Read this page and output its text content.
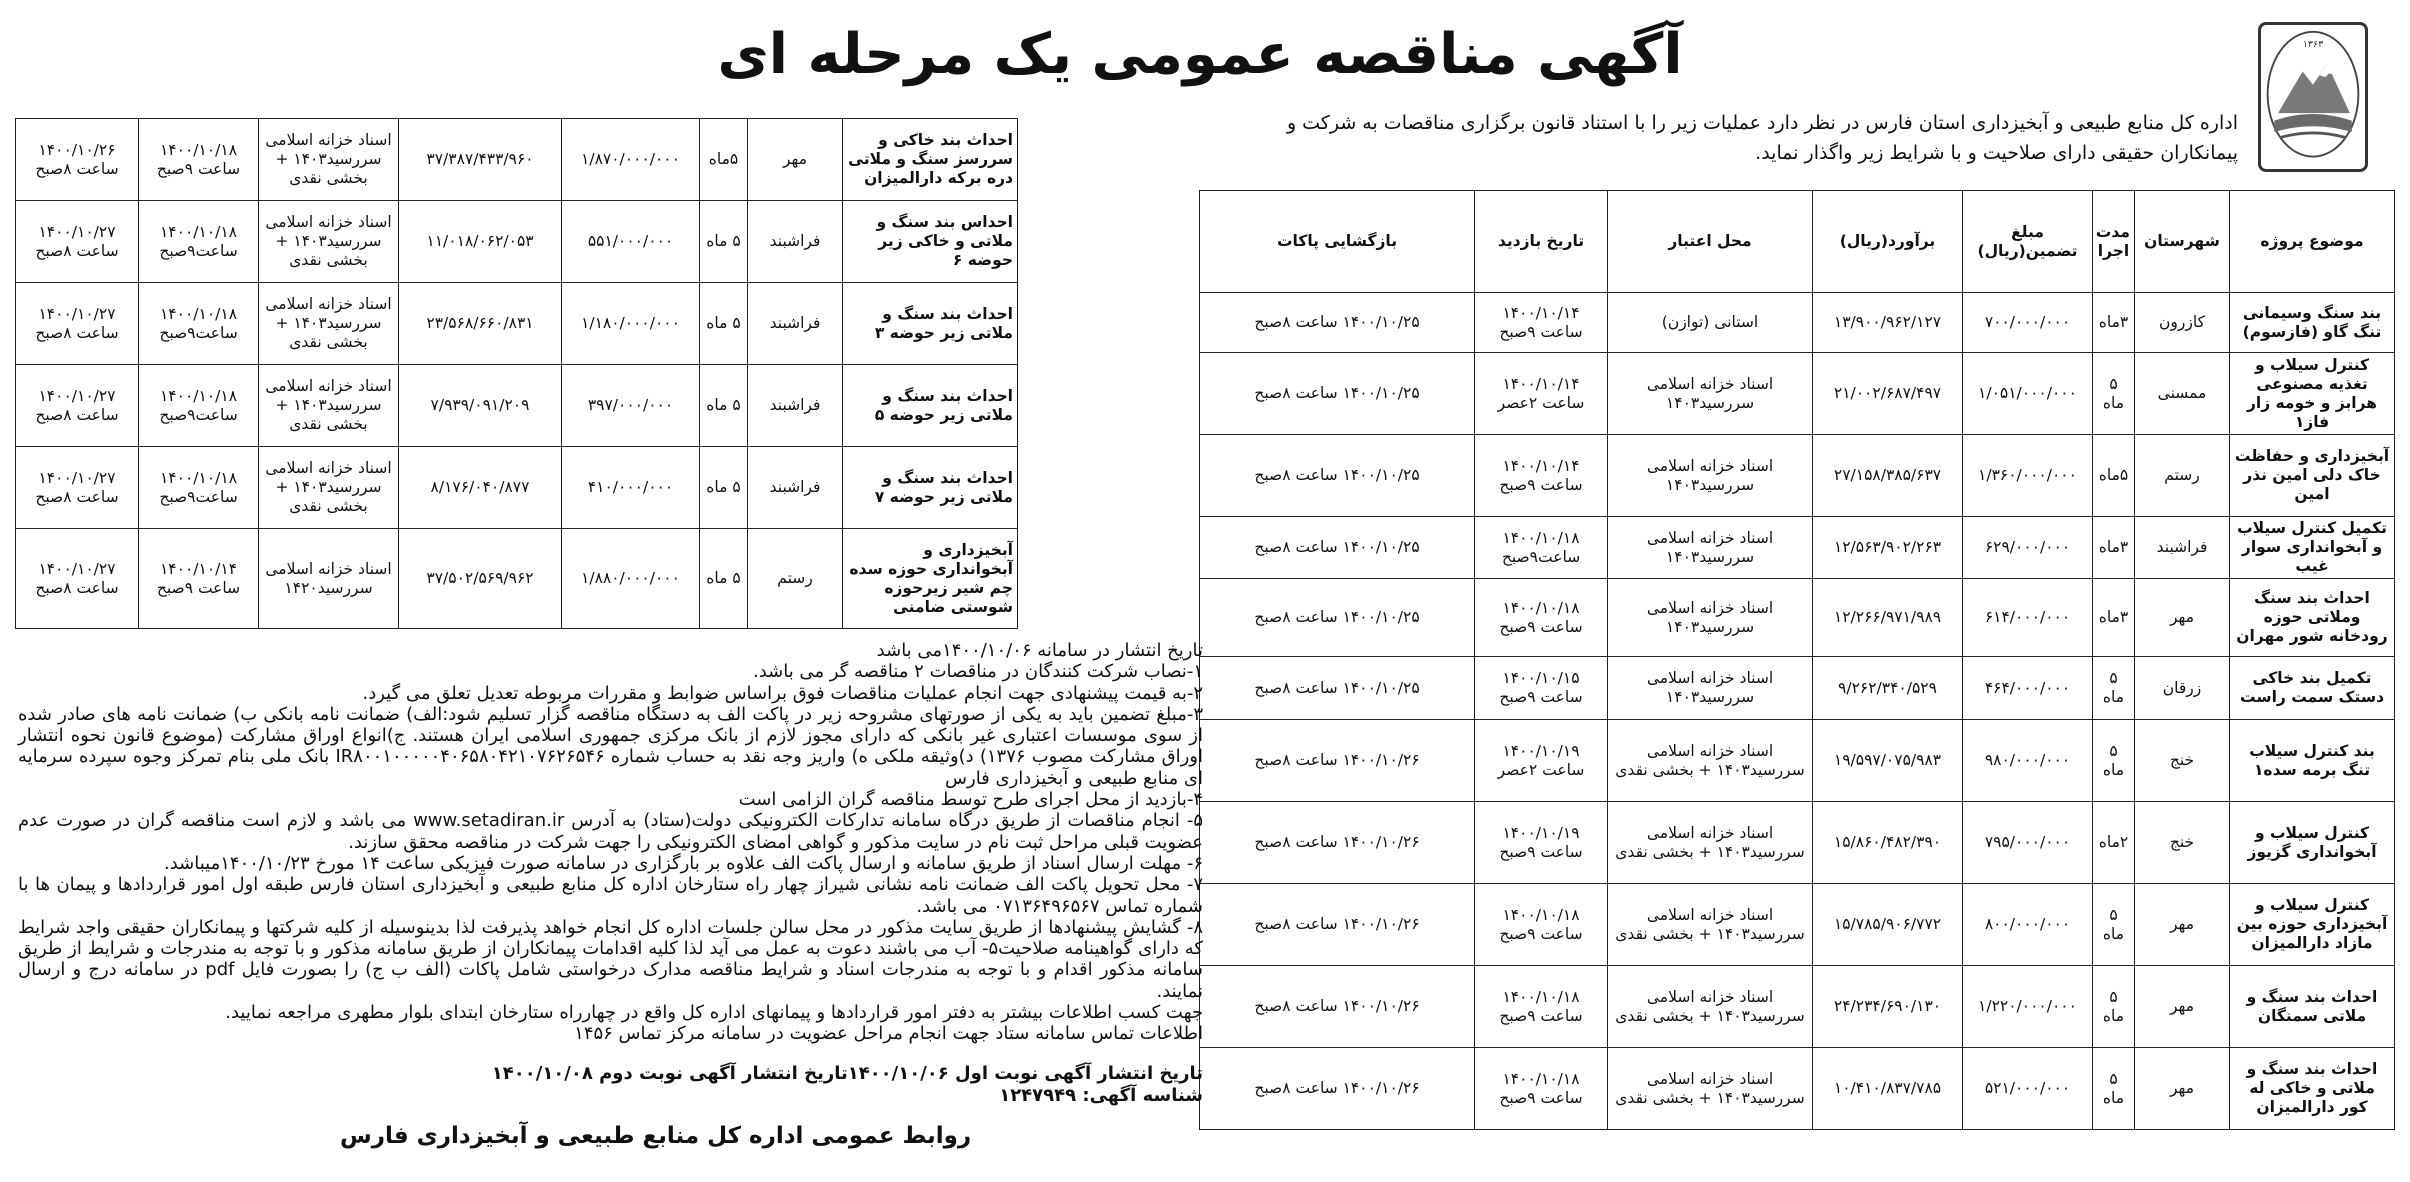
آگهی مناقصه عمومی یک مرحله ای	۱۳۶۳
اداره کل منابع طبیعی و آبخیزداری استان فارس در نظر دارد عملیات زیر را با استناد قانون برگزاری مناقصات به شرکت و پیمانکاران حقیقی دارای صلاحیت و با شرایط زیر واگذار نماید.
موضوع پروژه	شهرستان	مدت اجرا	مبلغ تضمین(ریال)	برآورد(ریال)	محل اعتبار	تاریخ بازدید	بازگشایی پاکات
بند سنگ وسیمانی تنگ گاو (فازسوم)	کازرون	۳ماه	۷۰۰/۰۰۰/۰۰۰	۱۳/۹۰۰/۹۶۲/۱۲۷	استانی (توازن)	۱۴۰۰/۱۰/۱۴ ساعت ۹صبح	۱۴۰۰/۱۰/۲۵ ساعت ۸صبح
کنترل سیلاب و تغذیه مصنوعی هرابز و خومه زار فاز۱	ممسنی	۵ ماه	۱/۰۵۱/۰۰۰/۰۰۰	۲۱/۰۰۲/۶۸۷/۴۹۷	اسناد خزانه اسلامی سررسید۱۴۰۳	۱۴۰۰/۱۰/۱۴ ساعت ۲عصر	۱۴۰۰/۱۰/۲۵ ساعت ۸صبح
آبخیزداری و حفاظت خاک دلی امین نذر امین	رستم	۵ماه	۱/۳۶۰/۰۰۰/۰۰۰	۲۷/۱۵۸/۳۸۵/۶۳۷	اسناد خزانه اسلامی سررسید۱۴۰۳	۱۴۰۰/۱۰/۱۴ ساعت ۹صبح	۱۴۰۰/۱۰/۲۵ ساعت ۸صبح
تکمیل کنترل سیلاب و آبخوانداری سوار غیب	فراشبند	۳ماه	۶۲۹/۰۰۰/۰۰۰	۱۲/۵۶۳/۹۰۲/۲۶۳	اسناد خزانه اسلامی سررسید۱۴۰۳	۱۴۰۰/۱۰/۱۸ ساعت۹صبح	۱۴۰۰/۱۰/۲۵ ساعت ۸صبح
احداث بند سنگ وملاتی حوزه رودخانه شور مهران	مهر	۳ماه	۶۱۴/۰۰۰/۰۰۰	۱۲/۲۶۶/۹۷۱/۹۸۹	اسناد خزانه اسلامی سررسید۱۴۰۳	۱۴۰۰/۱۰/۱۸ ساعت ۹صبح	۱۴۰۰/۱۰/۲۵ ساعت ۸صبح
تکمیل بند خاکی دستک سمت راست	زرقان	۵ ماه	۴۶۴/۰۰۰/۰۰۰	۹/۲۶۲/۳۴۰/۵۲۹	اسناد خزانه اسلامی سررسید۱۴۰۳	۱۴۰۰/۱۰/۱۵ ساعت ۹صبح	۱۴۰۰/۱۰/۲۵ ساعت ۸صبح
بند کنترل سیلاب تنگ برمه سده۱	خنج	۵ ماه	۹۸۰/۰۰۰/۰۰۰	۱۹/۵۹۷/۰۷۵/۹۸۳	اسناد خزانه اسلامی سررسید۱۴۰۳ + بخشی نقدی	۱۴۰۰/۱۰/۱۹ ساعت ۲عصر	۱۴۰۰/۱۰/۲۶ ساعت ۸صبح
کنترل سیلاب و آبخوانداری گزیوز	خنج	۲ماه	۷۹۵/۰۰۰/۰۰۰	۱۵/۸۶۰/۴۸۲/۳۹۰	اسناد خزانه اسلامی سررسید۱۴۰۳ + بخشی نقدی	۱۴۰۰/۱۰/۱۹ ساعت ۹صبح	۱۴۰۰/۱۰/۲۶ ساعت ۸صبح
کنترل سیلاب و آبخیزداری حوزه بین مازاد دارالمیزان	مهر	۵ ماه	۸۰۰/۰۰۰/۰۰۰	۱۵/۷۸۵/۹۰۶/۷۷۲	اسناد خزانه اسلامی سررسید۱۴۰۳ + بخشی نقدی	۱۴۰۰/۱۰/۱۸ ساعت ۹صبح	۱۴۰۰/۱۰/۲۶ ساعت ۸صبح
احداث بند سنگ و ملاتی سمنگان	مهر	۵ ماه	۱/۲۲۰/۰۰۰/۰۰۰	۲۴/۲۳۴/۶۹۰/۱۳۰	اسناد خزانه اسلامی سررسید۱۴۰۳ + بخشی نقدی	۱۴۰۰/۱۰/۱۸ ساعت ۹صبح	۱۴۰۰/۱۰/۲۶ ساعت ۸صبح
احداث بند سنگ و ملاتی و خاکی له کور دارالمیزان	مهر	۵ ماه	۵۲۱/۰۰۰/۰۰۰	۱۰/۴۱۰/۸۳۷/۷۸۵	اسناد خزانه اسلامی سررسید۱۴۰۳ + بخشی نقدی	۱۴۰۰/۱۰/۱۸ ساعت ۹صبح	۱۴۰۰/۱۰/۲۶ ساعت ۸صبح
احداث بند خاکی و سررسز سنگ و ملاتی دره برکه دارالمیزان	مهر	۵ماه	۱/۸۷۰/۰۰۰/۰۰۰	۳۷/۳۸۷/۴۳۳/۹۶۰	اسناد خزانه اسلامی سررسید۱۴۰۳ + بخشی نقدی	۱۴۰۰/۱۰/۱۸ ساعت ۹صبح	۱۴۰۰/۱۰/۲۶ ساعت ۸صبح
احداس بند سنگ و ملاتی و خاکی زیر حوضه ۶	فراشبند	۵ ماه	۵۵۱/۰۰۰/۰۰۰	۱۱/۰۱۸/۰۶۲/۰۵۳	اسناد خزانه اسلامی سررسید۱۴۰۳ + بخشی نقدی	۱۴۰۰/۱۰/۱۸ ساعت۹صبح	۱۴۰۰/۱۰/۲۷ ساعت ۸صبح
احداث بند سنگ و ملاتی زیر حوضه ۳	فراشبند	۵ ماه	۱/۱۸۰/۰۰۰/۰۰۰	۲۳/۵۶۸/۶۶۰/۸۳۱	اسناد خزانه اسلامی سررسید۱۴۰۳ + بخشی نقدی	۱۴۰۰/۱۰/۱۸ ساعت۹صبح	۱۴۰۰/۱۰/۲۷ ساعت ۸صبح
احداث بند سنگ و ملاتی زیر حوضه ۵	فراشبند	۵ ماه	۳۹۷/۰۰۰/۰۰۰	۷/۹۳۹/۰۹۱/۲۰۹	اسناد خزانه اسلامی سررسید۱۴۰۳ + بخشی نقدی	۱۴۰۰/۱۰/۱۸ ساعت۹صبح	۱۴۰۰/۱۰/۲۷ ساعت ۸صبح
احداث بند سنگ و ملاتی زیر حوضه ۷	فراشبند	۵ ماه	۴۱۰/۰۰۰/۰۰۰	۸/۱۷۶/۰۴۰/۸۷۷	اسناد خزانه اسلامی سررسید۱۴۰۳ + بخشی نقدی	۱۴۰۰/۱۰/۱۸ ساعت۹صبح	۱۴۰۰/۱۰/۲۷ ساعت ۸صبح
آبخیزداری و آبخوانداری حوزه سده چم شیر زیرحوزه شوستی ضامنی	رستم	۵ ماه	۱/۸۸۰/۰۰۰/۰۰۰	۳۷/۵۰۲/۵۶۹/۹۶۲	اسناد خزانه اسلامی سررسید۱۴۲۰	۱۴۰۰/۱۰/۱۴ ساعت ۹صبح	۱۴۰۰/۱۰/۲۷ ساعت ۸صبح

تاریخ انتشار در سامانه ۱۴۰۰/۱۰/۰۶می باشد

۱-نصاب شرکت کنندگان در مناقصات ۲ مناقصه گر می باشد.

۲-به قیمت پیشنهادی جهت انجام عملیات مناقصات فوق براساس ضوابط و مقررات مربوطه تعدیل تعلق می گیرد.

۳-مبلغ تضمین باید به یکی از صورتهای مشروحه زیر در پاکت الف به دستگاه مناقصه گزار تسلیم شود:الف) ضمانت نامه بانکی ب) ضمانت نامه های صادر شده از سوی موسسات اعتباری غیر بانکی که دارای مجوز لازم از بانک مرکزی جمهوری اسلامی ایران هستند. ج)انواع اوراق مشارکت (موضوع قانون نحوه انتشار اوراق مشارکت مصوب ۱۳۷۶) د)وثیقه ملکی ه) واریز وجه نقد به حساب شماره IR۸۰۰۱۰۰۰۰۰۴۰۶۵۸۰۴۲۱۰۷۶۲۶۵۴۶ بانک ملی بنام تمرکز وجوه سپرده سرمایه ای منابع طبیعی و آبخیزداری فارس

۴-بازدید از محل اجرای طرح توسط مناقصه گران الزامی است

۵- انجام مناقصات از طریق درگاه سامانه تدارکات الکترونیکی دولت(ستاد) به آدرس www.setadiran.ir می باشد و لازم است مناقصه گران در صورت عدم عضویت قبلی مراحل ثبت نام در سایت مذکور و گواهی امضای الکترونیکی را جهت شرکت در مناقصه محقق سازند.

۶- مهلت ارسال اسناد از طریق سامانه و ارسال پاکت الف علاوه بر بارگزاری در سامانه صورت فیزیکی ساعت ۱۴ مورخ ۱۴۰۰/۱۰/۲۳میباشد.

۷- محل تحویل پاکت الف ضمانت نامه نشانی شیراز چهار راه ستارخان اداره کل منابع طبیعی و آبخیزداری استان فارس طبقه اول امور قراردادها و پیمان ها با شماره تماس ۰۷۱۳۶۴۹۶۵۶۷ می باشد.

۸- گشایش پیشنهادها از طریق سایت مذکور در محل سالن جلسات اداره کل انجام خواهد پذیرفت لذا بدینوسیله از کلیه شرکتها و پیمانکاران حقیقی واجد شرایط که دارای گواهینامه صلاحیت۵- آب می باشند دعوت به عمل می آید لذا کلیه اقدامات پیمانکاران از طریق سامانه مذکور و با توجه به مندرجات و شرایط از طریق سامانه مذکور اقدام و با توجه به مندرجات اسناد و شرایط مناقصه مدارک درخواستی شامل پاکات (الف ب ج) را بصورت فایل pdf در سامانه درج و ارسال نمایند.

جهت کسب اطلاعات بیشتر به دفتر امور قراردادها و پیمانهای اداره کل واقع در چهارراه ستارخان ابتدای بلوار مطهری مراجعه نمایید.

اطلاعات تماس سامانه ستاد جهت انجام مراحل عضویت در سامانه مرکز تماس ۱۴۵۶

تاریخ انتشار آگهی نوبت اول ۱۴۰۰/۱۰/۰۶تاریخ انتشار آگهی نوبت دوم ۱۴۰۰/۱۰/۰۸
شناسه آگهی: ۱۲۴۷۹۴۹
روابط عمومی اداره کل منابع طبیعی و آبخیزداری فارس
